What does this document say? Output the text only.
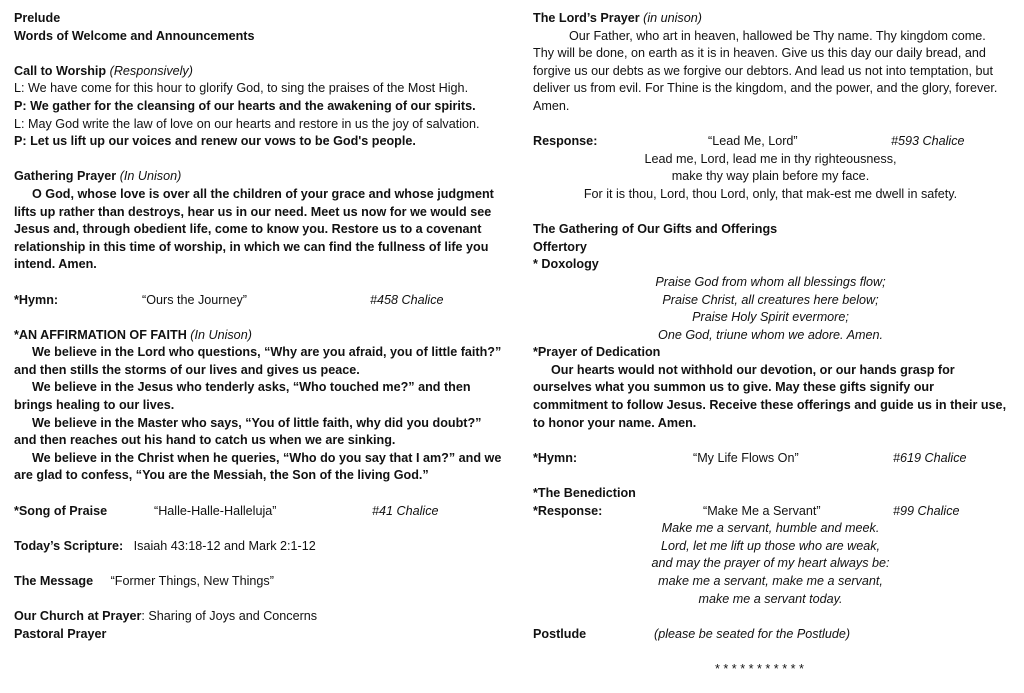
Prelude

Words of Welcome and Announcements

Call to Worship (Responsively)

L: We have come for this hour to glorify God, to sing the praises of the Most High.

P: We gather for the cleansing of our hearts and the awakening of our spirits.

L: May God write the law of love on our hearts and restore in us the joy of salvation.

P: Let us lift up our voices and renew our vows to be God's people.

Gathering Prayer (In Unison)

O God, whose love is over all the children of your grace and whose judgment lifts up rather than destroys, hear us in our need. Meet us now for we would see Jesus and, through obedient life, come to know you. Restore us to a covenant relationship in this time of worship, in which we can find the fullness of life you intend. Amen.

*Hymn:	“Ours the Journey”	#458 Chalice

*AN AFFIRMATION OF FAITH (In Unison)

We believe in the Lord who questions, “Why are you afraid, you of little faith?” and then stills the storms of our lives and gives us peace.

We believe in the Jesus who tenderly asks, “Who touched me?” and then brings healing to our lives.

We believe in the Master who says, “You of little faith, why did you doubt?” and then reaches out his hand to catch us when we are sinking.

We believe in the Christ when he queries, “Who do you say that I am?” and we are glad to confess, “You are the Messiah, the Son of the living God.”

*Song of Praise	“Halle-Halle-Halleluja”	#41 Chalice

Today’s Scripture: Isaiah 43:18-12 and Mark 2:1-12

The Message “Former Things, New Things”

Our Church at Prayer: Sharing of Joys and Concerns

Pastoral Prayer

The Lord’s Prayer (in unison)

Our Father, who art in heaven, hallowed be Thy name. Thy kingdom come. Thy will be done, on earth as it is in heaven. Give us this day our daily bread, and forgive us our debts as we forgive our debtors. And lead us not into temptation, but deliver us from evil. For Thine is the kingdom, and the power, and the glory, forever. Amen.

Response:	“Lead Me, Lord”	#593 Chalice

Lead me, Lord, lead me in thy righteousness,

make thy way plain before my face.

For it is thou, Lord, thou Lord, only, that mak-est me dwell in safety.

The Gathering of Our Gifts and Offerings

Offertory

* Doxology

Praise God from whom all blessings flow;

Praise Christ, all creatures here below;

Praise Holy Spirit evermore;

One God, triune whom we adore. Amen.

*Prayer of Dedication

Our hearts would not withhold our devotion, or our hands grasp for ourselves what you summon us to give. May these gifts signify our commitment to follow Jesus. Receive these offerings and guide us in their use, to honor your name. Amen.

*Hymn:	“My Life Flows On”	#619 Chalice

*The Benediction

*Response:	“Make Me a Servant”	#99 Chalice

Make me a servant, humble and meek.

Lord, let me lift up those who are weak,

and may the prayer of my heart always be:

make me a servant, make me a servant,

make me a servant today.

Postlude	(please be seated for the Postlude)

* * * * * * * * * * *
